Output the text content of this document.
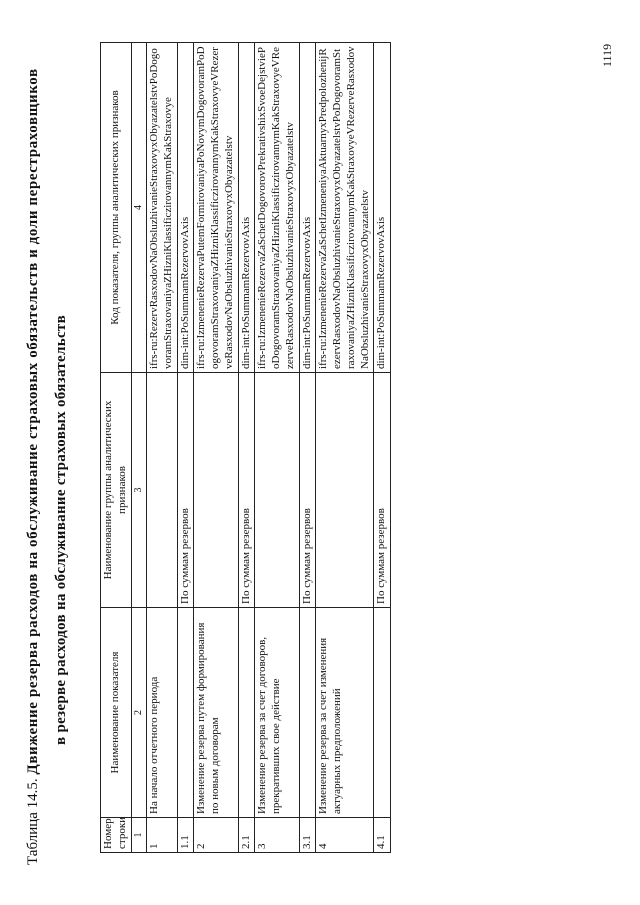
Таблица 14.5. Движение резерва расходов на обслуживание страховых обязательств и доли перестраховщиков в резерве расходов на обслуживание страховых обязательств
Номер строки	Наименование показателя	Наименование группы аналитических признаков	Код показателя, группы аналитических признаков
1	2	3	4
1	На начало отчетного периода		ifrs-ru:RezervRasxodovNaObsluzhivanieStraxovyxObyazatelstvPoDogovoramStraxovaniyaZHizniKlassificzirovannymKakStraxovye
1.1		По суммам резервов	dim-int:PoSummamRezervovAxis
2	Изменение резерва путем формирования по новым договорам		ifrs-ru:IzmenenieRezervaPutemFormirovaniyaPoNovymDogovoramPoDogovoramStraxovaniyaZHizniKlassificzirovannymKakStraxovyeVRezerveRasxodovNaObsluzhivanieStraxovyxObyazatelstv
2.1		По суммам резервов	dim-int:PoSummamRezervovAxis
3	Изменение резерва за счет договоров, прекративших свое действие		ifrs-ru:IzmenenieRezervaZaSchetDogovorovPrekrativshixSvoeDejstviePoDogovoramStraxovaniyaZHizniKlassificzirovannymKakStraxovyeVRezerveRasxodovNaObsluzhivanieStraxovyxObyazatelstv
3.1		По суммам резервов	dim-int:PoSummamRezervovAxis
4	Изменение резерва за счет изменения актуарных предположений		ifrs-ru:IzmenenieRezervaZaSchetIzmeneniyaAktuarnyxPredpolozhenijRezervRasxodovNaObsluzhivanieStraxovyxObyazatelstvPoDogovoramStraxovaniyaZHizniKlassificzirovannymKakStraxovyeVRezerveRasxodovNaObsluzhivanieStraxovyxObyazatelstv
4.1		По суммам резервов	dim-int:PoSummamRezervovAxis
1119
